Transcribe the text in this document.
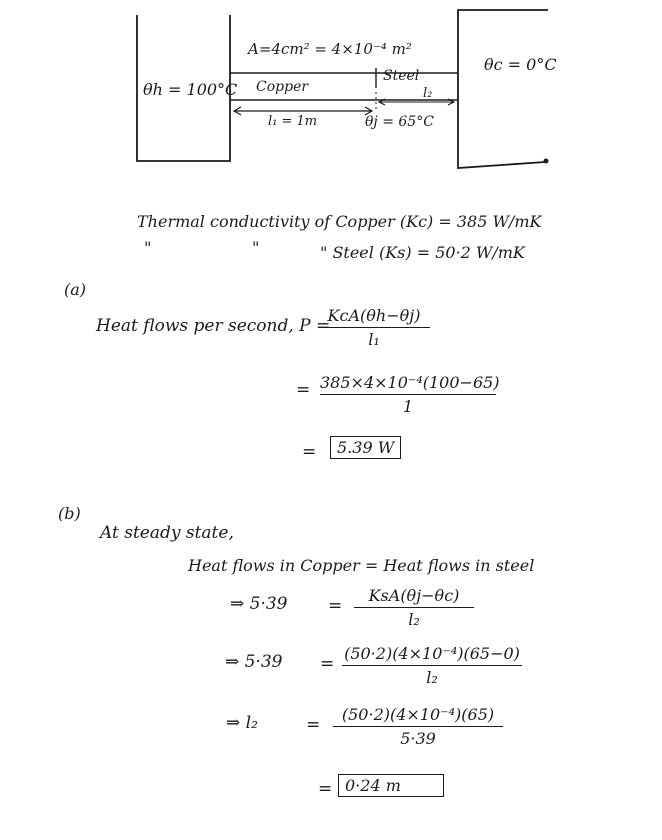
A=4cm² = 4×10⁻⁴ m²
θh = 100°C
θc = 0°C
Copper
Steel
l₁ = 1m
l₂
θj = 65°C
Thermal conductivity of Copper (Kc) = 385 W/mK
"	"	" Steel (Ks) = 50·2 W/mK
(a)
Heat flows per second, P =
KcA(θh−θj)
l₁
= 385×4×10⁻⁴(100−65)
1
=	5.39 W
(b)
At steady state,
Heat flows in Copper = Heat flows in steel
⇒ 5·39 =
KsA(θj−θc)
l₂
⇒ 5·39 =
(50·2)(4×10⁻⁴)(65−0)
l₂
⇒ l₂	=
(50·2)(4×10⁻⁴)(65)
5·39
= 0·24 m
